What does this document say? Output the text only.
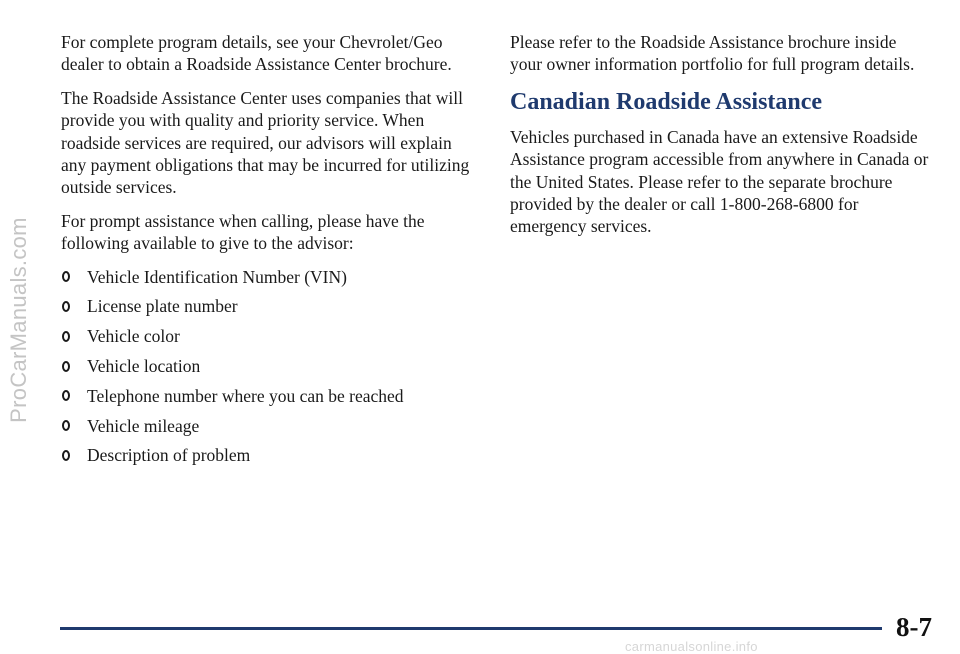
ProCarManuals.com

For complete program details, see your Chevrolet/Geo dealer to obtain a Roadside Assistance Center brochure.

The Roadside Assistance Center uses companies that will provide you with quality and priority service. When roadside services are required, our advisors will explain any payment obligations that may be incurred for utilizing outside services.

For prompt assistance when calling, please have the following available to give to the advisor:

Vehicle Identification Number (VIN)
License plate number
Vehicle color
Vehicle location
Telephone number where you can be reached
Vehicle mileage
Description of problem

Please refer to the Roadside Assistance brochure inside your owner information portfolio for full program details.

Canadian Roadside Assistance

Vehicles purchased in Canada have an extensive Roadside Assistance program accessible from anywhere in Canada or the United States. Please refer to the separate brochure provided by the dealer or call 1-800-268-6800 for emergency services.

8-7
carmanualsonline.info
